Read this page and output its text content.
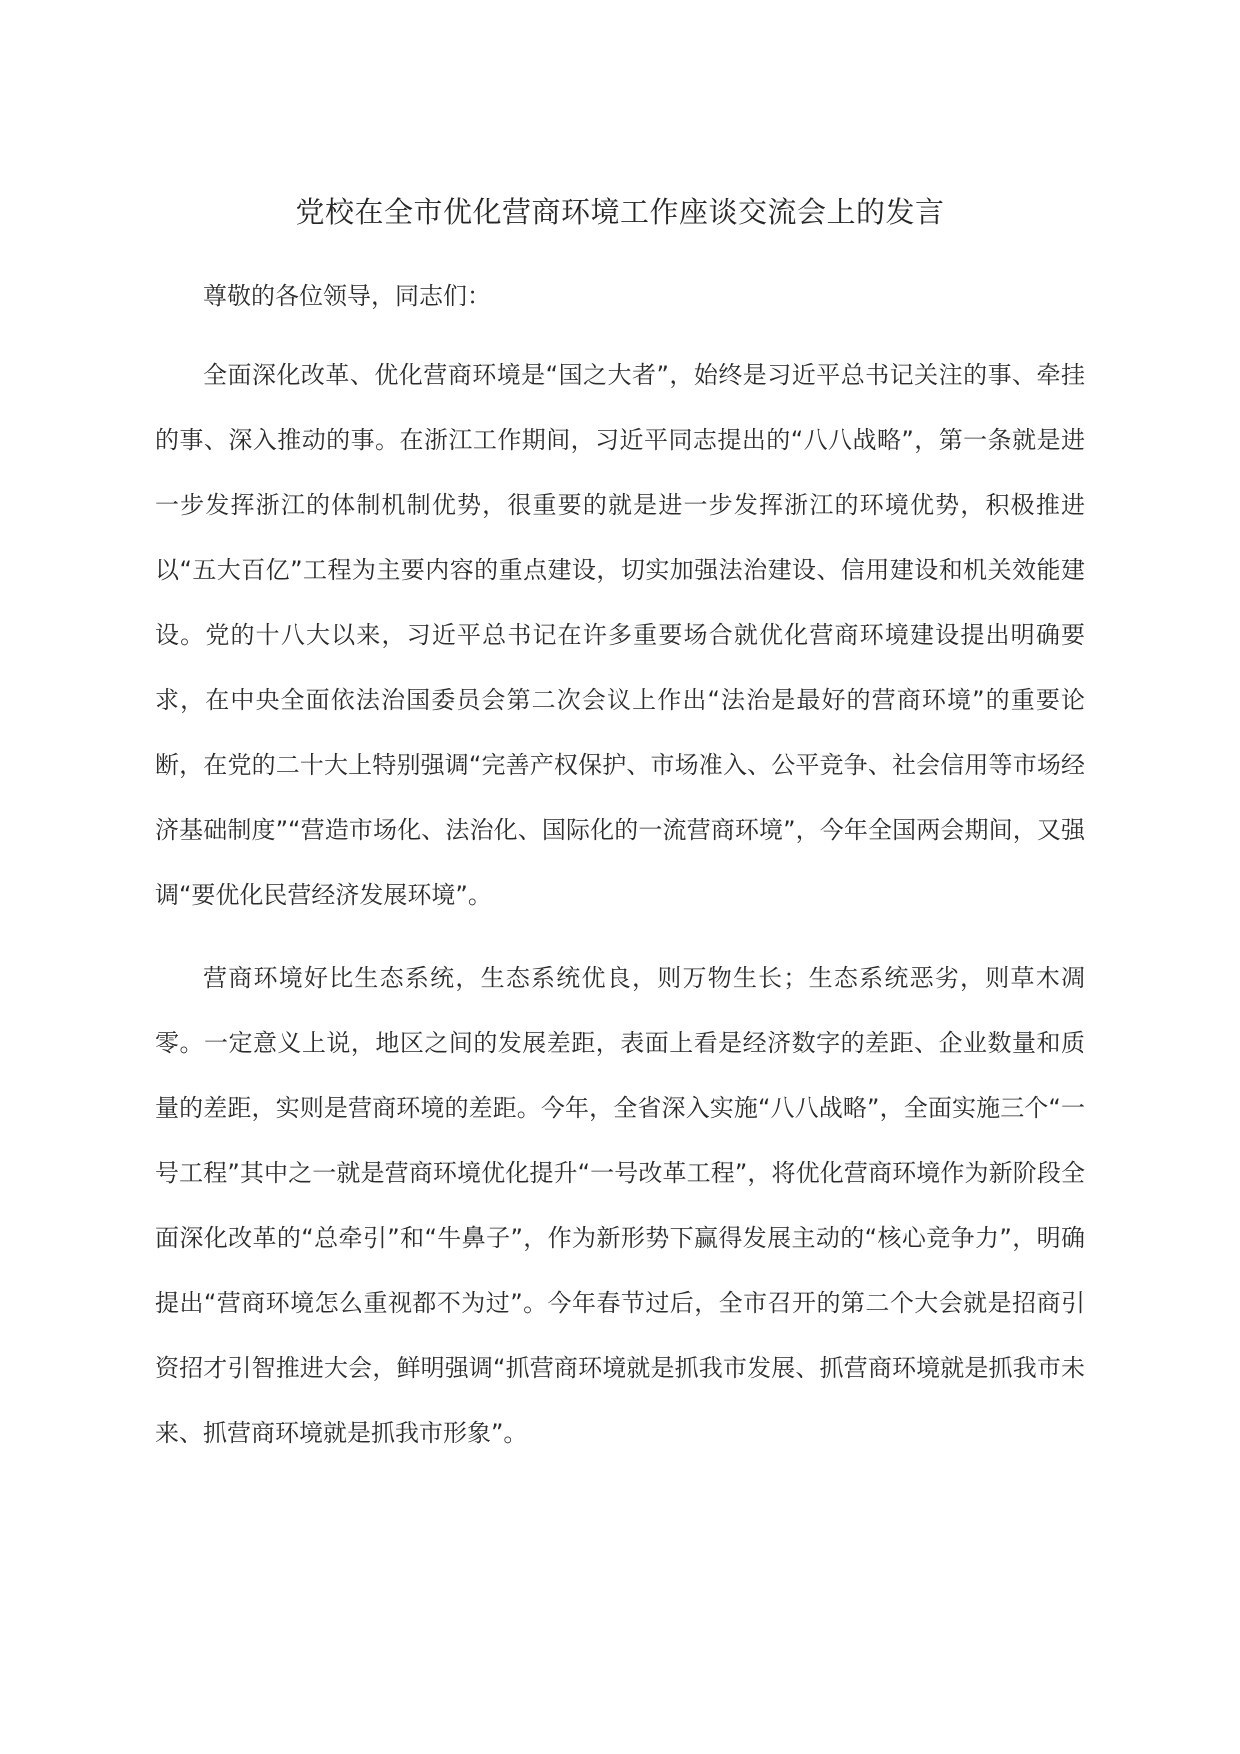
党校在全市优化营商环境工作座谈交流会上的发言

尊敬的各位领导，同志们：

全面深化改革、优化营商环境是“国之大者”，始终是习近平总书记关注的事、牵挂的事、深入推动的事。在浙江工作期间，习近平同志提出的“八八战略”，第一条就是进一步发挥浙江的体制机制优势，很重要的就是进一步发挥浙江的环境优势，积极推进以“五大百亿”工程为主要内容的重点建设，切实加强法治建设、信用建设和机关效能建设。党的十八大以来，习近平总书记在许多重要场合就优化营商环境建设提出明确要求，在中央全面依法治国委员会第二次会议上作出“法治是最好的营商环境”的重要论断，在党的二十大上特别强调“完善产权保护、市场准入、公平竞争、社会信用等市场经济基础制度”“营造市场化、法治化、国际化的一流营商环境”，今年全国两会期间，又强调“要优化民营经济发展环境”。

营商环境好比生态系统，生态系统优良，则万物生长；生态系统恶劣，则草木凋零。一定意义上说，地区之间的发展差距，表面上看是经济数字的差距、企业数量和质量的差距，实则是营商环境的差距。今年，全省深入实施“八八战略”，全面实施三个“一号工程”其中之一就是营商环境优化提升“一号改革工程”，将优化营商环境作为新阶段全面深化改革的“总牵引”和“牛鼻子”，作为新形势下赢得发展主动的“核心竞争力”，明确提出“营商环境怎么重视都不为过”。今年春节过后，全市召开的第二个大会就是招商引资招才引智推进大会，鲜明强调“抓营商环境就是抓我市发展、抓营商环境就是抓我市未来、抓营商环境就是抓我市形象”。
